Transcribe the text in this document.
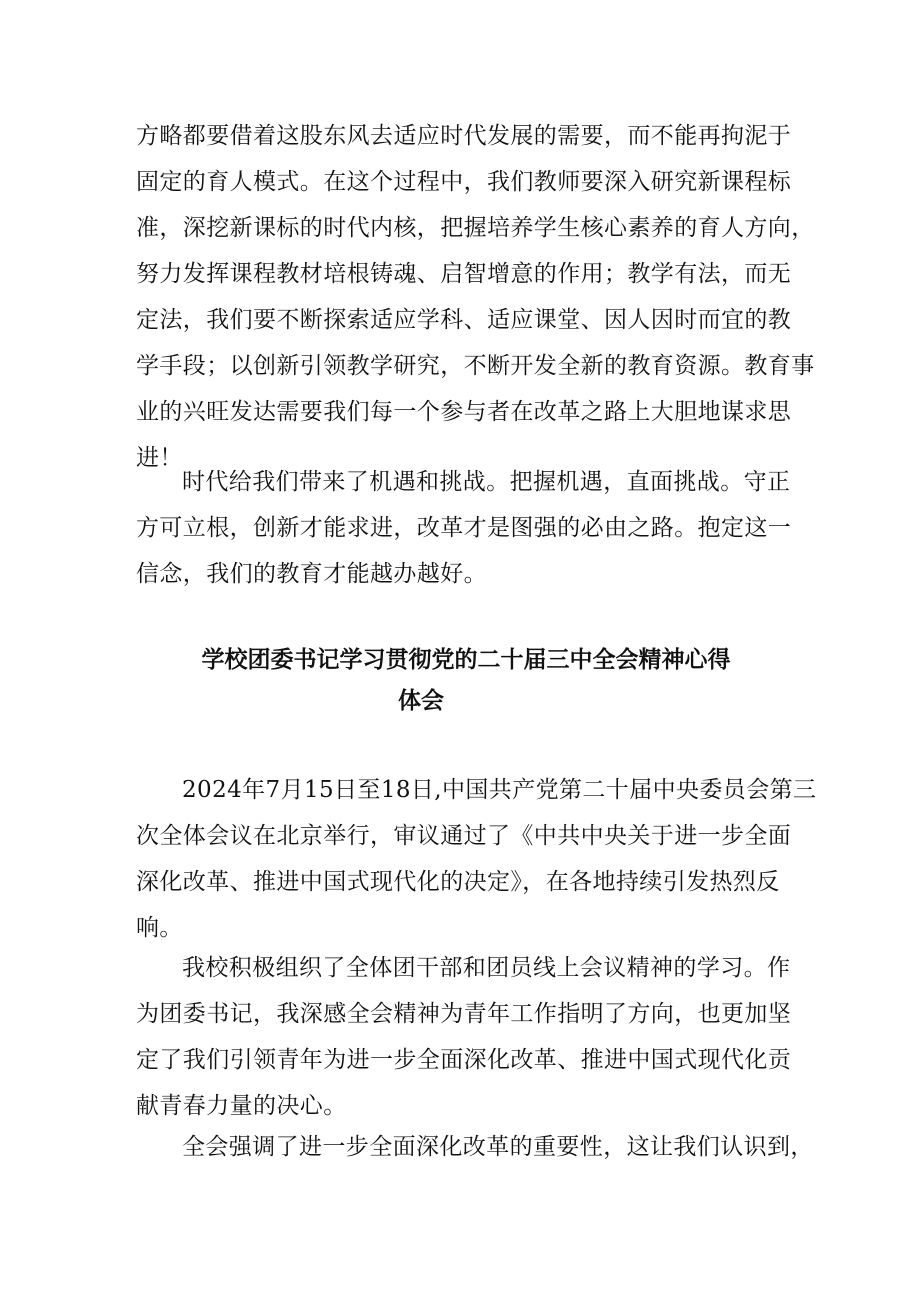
方略都要借着这股东风去适应时代发展的需要，而不能再拘泥于
固定的育人模式。在这个过程中，我们教师要深入研究新课程标
准，深挖新课标的时代内核，把握培养学生核心素养的育人方向，
努力发挥课程教材培根铸魂、启智增意的作用；教学有法，而无
定法，我们要不断探索适应学科、适应课堂、因人因时而宜的教
学手段；以创新引领教学研究，不断开发全新的教育资源。教育事
业的兴旺发达需要我们每一个参与者在改革之路上大胆地谋求思
进！
时代给我们带来了机遇和挑战。把握机遇，直面挑战。守正
方可立根，创新才能求进，改革才是图强的必由之路。抱定这一
信念，我们的教育才能越办越好。
学校团委书记学习贯彻党的二十届三中全会精神心得
体会
2024年7月15日至18日,中国共产党第二十届中央委员会第三
次全体会议在北京举行，审议通过了《中共中央关于进一步全面
深化改革、推进中国式现代化的决定》，在各地持续引发热烈反
响。
我校积极组织了全体团干部和团员线上会议精神的学习。作
为团委书记，我深感全会精神为青年工作指明了方向，也更加坚
定了我们引领青年为进一步全面深化改革、推进中国式现代化贡
献青春力量的决心。
全会强调了进一步全面深化改革的重要性，这让我们认识到，
